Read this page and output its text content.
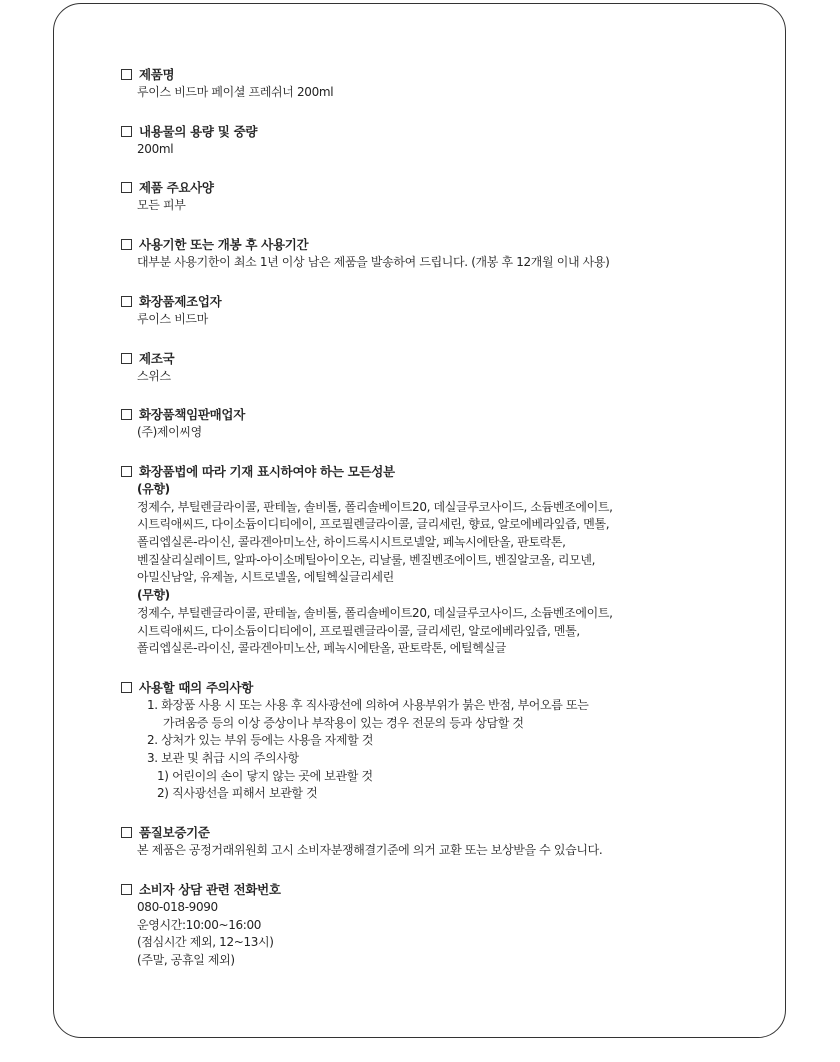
제품명
루이스 비드마 페이셜 프레쉬너 200ml
내용물의 용량 및 중량
200ml
제품 주요사양
모든 피부
사용기한 또는 개봉 후 사용기간
대부분 사용기한이 최소 1년 이상 남은 제품을 발송하여 드립니다. (개봉 후 12개월 이내 사용)
화장품제조업자
루이스 비드마
제조국
스위스
화장품책임판매업자
(주)제이씨영
화장품법에 따라 기재 표시하여야 하는 모든성분
(유향)
정제수, 부틸렌글라이콜, 판테놀, 솔비톨, 폴리솔베이트20, 데실글루코사이드, 소듐벤조에이트,
시트릭애씨드, 다이소듐이디티에이, 프로필렌글라이콜, 글리세린, 향료, 알로에베라잎즙, 멘톨,
폴리엡실론-라이신, 콜라겐아미노산, 하이드록시시트로넬알, 페녹시에탄올, 판토락톤,
벤질살리실레이트, 알파-아이소메틸아이오논, 리날룰, 벤질벤조에이트, 벤질알코올, 리모넨,
아밀신남알, 유제놀, 시트로넬올, 에틸헥실글리세린
(무향)
정제수, 부틸렌글라이콜, 판테놀, 솔비톨, 폴리솔베이트20, 데실글루코사이드, 소듐벤조에이트,
시트릭애씨드, 다이소듐이디티에이, 프로필렌글라이콜, 글리세린, 알로에베라잎즙, 멘톨,
폴리엡실론-라이신, 콜라겐아미노산, 페녹시에탄올, 판토락톤, 에틸헥실글
사용할 때의 주의사항
1. 화장품 사용 시 또는 사용 후 직사광선에 의하여 사용부위가 붉은 반점, 부어오름 또는
가려움증 등의 이상 증상이나 부작용이 있는 경우 전문의 등과 상담할 것
2. 상처가 있는 부위 등에는 사용을 자제할 것
3. 보관 및 취급 시의 주의사항
1) 어린이의 손이 닿지 않는 곳에 보관할 것
2) 직사광선을 피해서 보관할 것
품질보증기준
본 제품은 공정거래위원회 고시 소비자분쟁해결기준에 의거 교환 또는 보상받을 수 있습니다.
소비자 상담 관련 전화번호
080-018-9090
운영시간:10:00~16:00
(점심시간 제외, 12~13시)
(주말, 공휴일 제외)
